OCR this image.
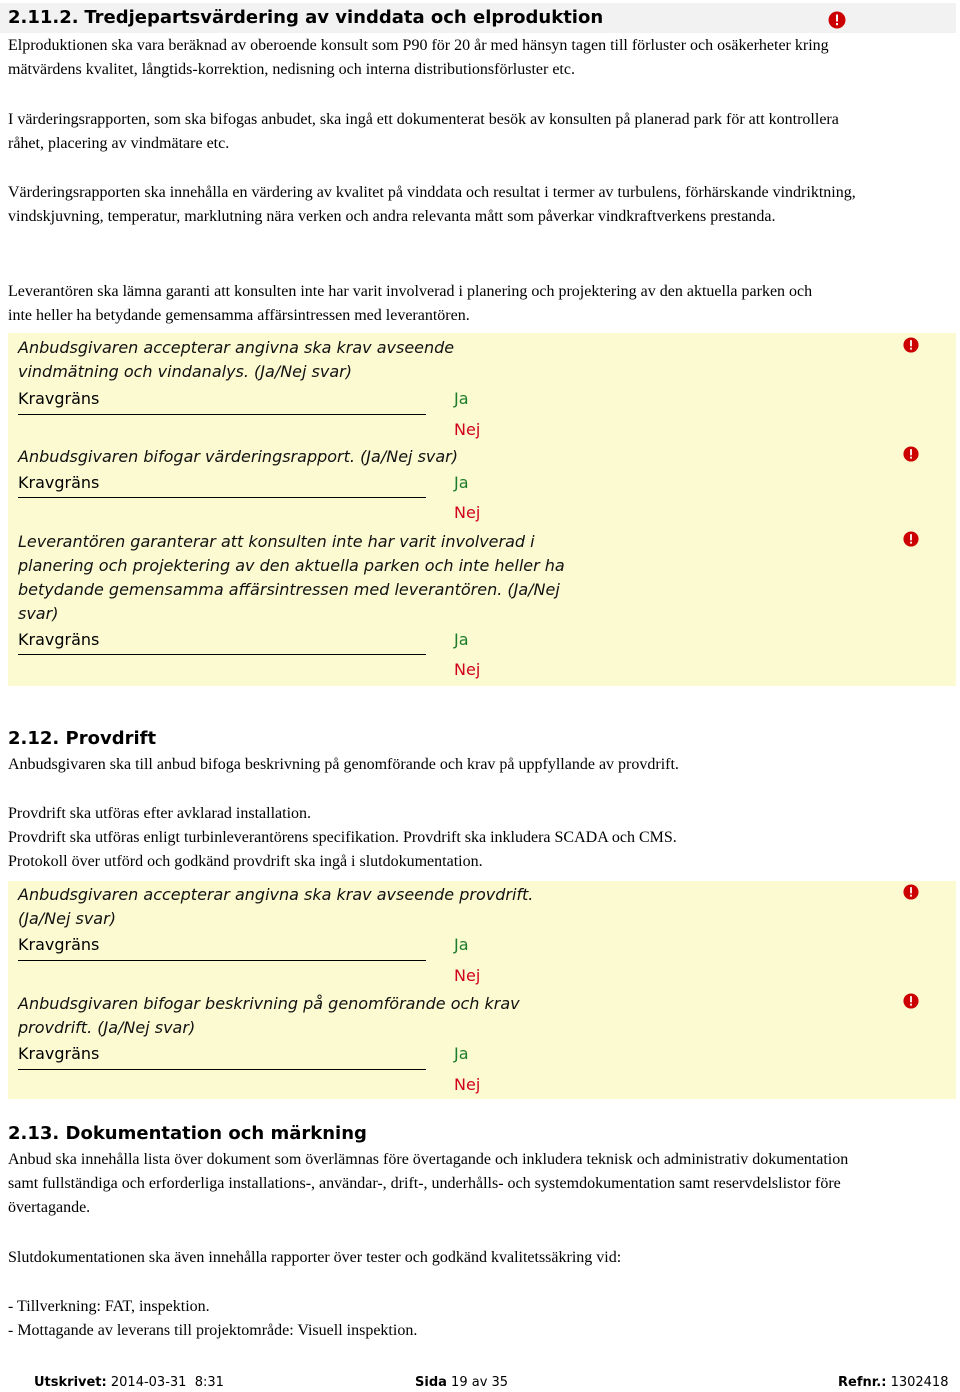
2.11.2. Tredjepartsvärdering av vinddata och elproduktion
Elproduktionen ska vara beräknad av oberoende konsult som P90 för 20 år med hänsyn tagen till förluster och osäkerheter kring mätvärdens kvalitet, långtids-korrektion, nedisning och interna distributionsförluster etc.
I värderingsrapporten, som ska bifogas anbudet, ska ingå ett dokumenterat besök av konsulten på planerad park för att kontrollera råhet, placering av vindmätare etc.
Värderingsrapporten ska innehålla en värdering av kvalitet på vinddata och resultat i termer av turbulens, förhärskande vindriktning, vindskjuvning, temperatur, marklutning nära verken och andra relevanta mått som påverkar vindkraftverkens prestanda.
Leverantören ska lämna garanti att konsulten inte har varit involverad i planering och projektering av den aktuella parken och inte heller ha betydande gemensamma affärsintressen med leverantören.
Anbudsgivaren accepterar angivna ska krav avseende vindmätning och vindanalys. (Ja/Nej svar)
Kravgräns	Ja
Nej
Anbudsgivaren bifogar värderingsrapport. (Ja/Nej svar)
Kravgräns	Ja
Nej
Leverantören garanterar att konsulten inte har varit involverad i planering och projektering av den aktuella parken och inte heller ha betydande gemensamma affärsintressen med leverantören. (Ja/Nej svar)
Kravgräns	Ja
Nej
2.12. Provdrift
Anbudsgivaren ska till anbud bifoga beskrivning på genomförande och krav på uppfyllande av provdrift.
Provdrift ska utföras efter avklarad installation.
Provdrift ska utföras enligt turbinleverantörens specifikation. Provdrift ska inkludera SCADA och CMS.
Protokoll över utförd och godkänd provdrift ska ingå i slutdokumentation.
Anbudsgivaren accepterar angivna ska krav avseende provdrift. (Ja/Nej svar)
Kravgräns	Ja
Nej
Anbudsgivaren bifogar beskrivning på genomförande och krav provdrift. (Ja/Nej svar)
Kravgräns	Ja
Nej
2.13. Dokumentation och märkning
Anbud ska innehålla lista över dokument som överlämnas före övertagande och inkludera teknisk och administrativ dokumentation samt fullständiga och erforderliga installations-, användar-, drift-, underhålls- och systemdokumentation samt reservdelslistor före övertagande.
Slutdokumentationen ska även innehålla rapporter över tester och godkänd kvalitetssäkring vid:
- Tillverkning: FAT, inspektion.
- Mottagande av leverans till projektområde: Visuell inspektion.
Utskrivet: 2014-03-31  8:31	Sida 19 av 35	Refnr.: 1302418
